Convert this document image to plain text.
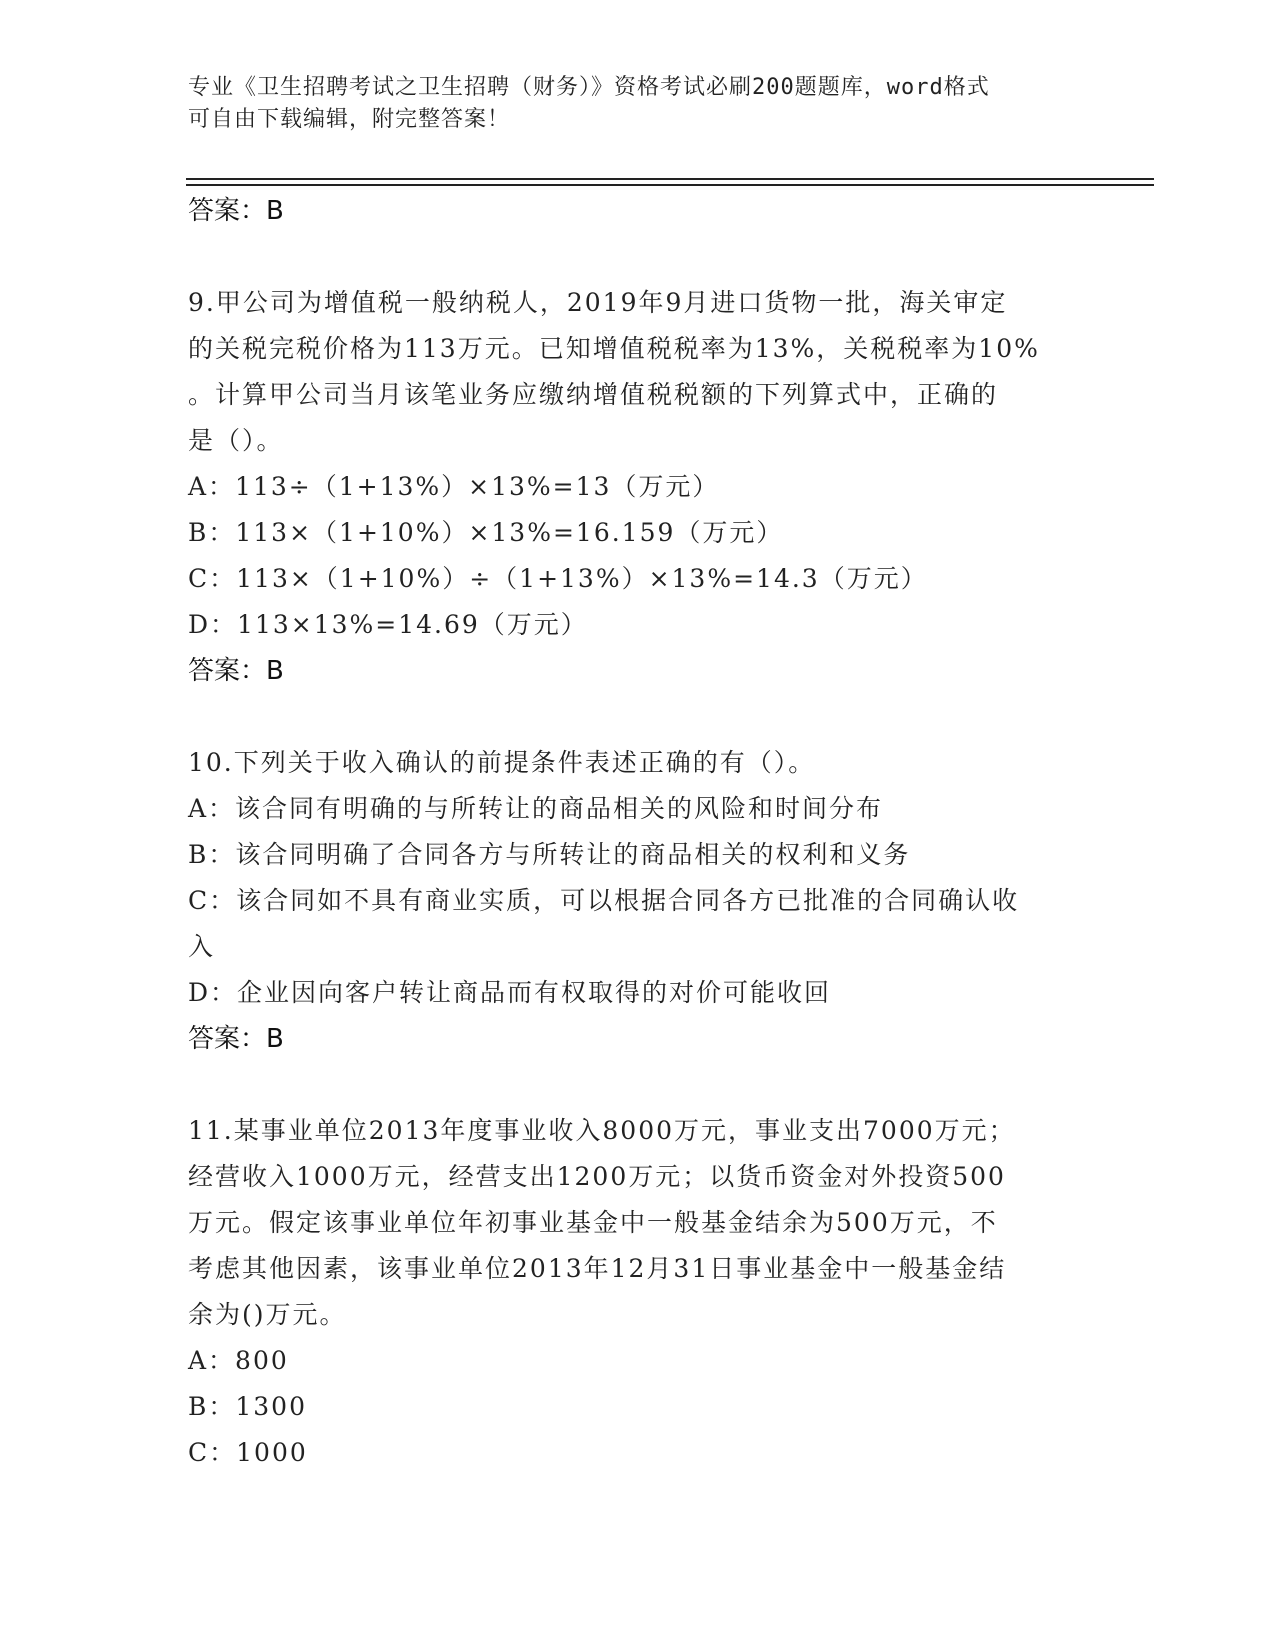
专业《卫生招聘考试之卫生招聘（财务）》资格考试必刷200题题库，word格式
可自由下载编辑，附完整答案！
答案：B
9.甲公司为增值税一般纳税人，2019年9月进口货物一批，海关审定
的关税完税价格为113万元。已知增值税税率为13%，关税税率为10%
。计算甲公司当月该笔业务应缴纳增值税税额的下列算式中，正确的
是（）。
A：113÷（1+13%）×13%=13（万元）
B：113×（1+10%）×13%=16.159（万元）
C：113×（1+10%）÷（1+13%）×13%=14.3（万元）
D：113×13%=14.69（万元）
答案：B
10.下列关于收入确认的前提条件表述正确的有（）。
A：该合同有明确的与所转让的商品相关的风险和时间分布
B：该合同明确了合同各方与所转让的商品相关的权利和义务
C：该合同如不具有商业实质，可以根据合同各方已批准的合同确认收
入
D：企业因向客户转让商品而有权取得的对价可能收回
答案：B
11.某事业单位2013年度事业收入8000万元，事业支出7000万元；
经营收入1000万元，经营支出1200万元；以货币资金对外投资500
万元。假定该事业单位年初事业基金中一般基金结余为500万元，不
考虑其他因素，该事业单位2013年12月31日事业基金中一般基金结
余为()万元。
A：800
B：1300
C：1000
